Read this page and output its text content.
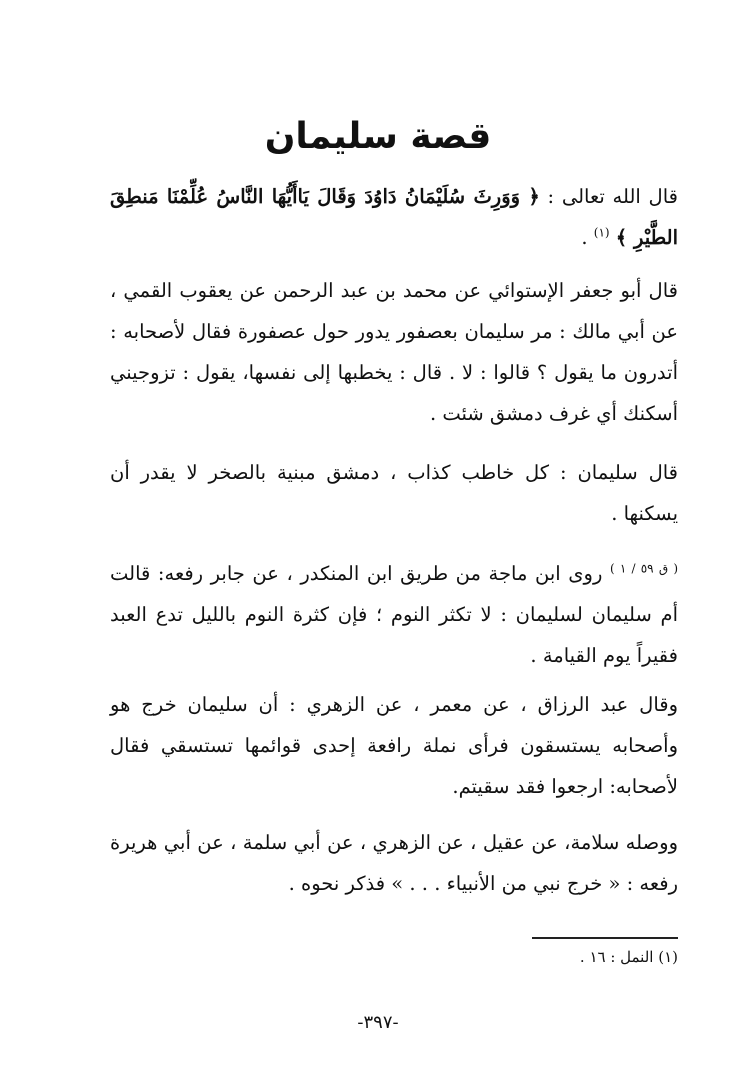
قصة سليمان
قال الله تعالى : ﴿ وَوَرِثَ سُلَيْمَانُ دَاوُدَ وَقَالَ يَاأَيُّهَا النَّاسُ عُلِّمْنَا مَنطِقَ الطَّيْرِ ﴾ $^{(١)}$ .
قال أبو جعفر الإستوائي عن محمد بن عبد الرحمن عن يعقوب القمي ، عن أبي مالك : مر سليمان بعصفور يدور حول عصفورة فقال لأصحابه : أتدرون ما يقول ؟ قالوا : لا . قال : يخطبها إلى نفسها، يقول : تزوجيني أسكنك أي غرف دمشق شئت .
قال سليمان : كل خاطب كذاب ، دمشق مبنية بالصخر لا يقدر أن يسكنها .
$^{( ق ٥٩ / ١ )}$ روى ابن ماجة من طريق ابن المنكدر ، عن جابر رفعه: قالت أم سليمان لسليمان : لا تكثر النوم ؛ فإن كثرة النوم بالليل تدع العبد فقيراً يوم القيامة .
وقال عبد الرزاق ، عن معمر ، عن الزهري : أن سليمان خرج هو وأصحابه يستسقون فرأى نملة رافعة إحدى قوائمها تستسقي فقال لأصحابه: ارجعوا فقد سقيتم.
ووصله سلامة، عن عقيل ، عن الزهري ، عن أبي سلمة ، عن أبي هريرة رفعه : « خرج نبي من الأنبياء . . . » فذكر نحوه .
(١) النمل : ١٦ .
-٣٩٧-
